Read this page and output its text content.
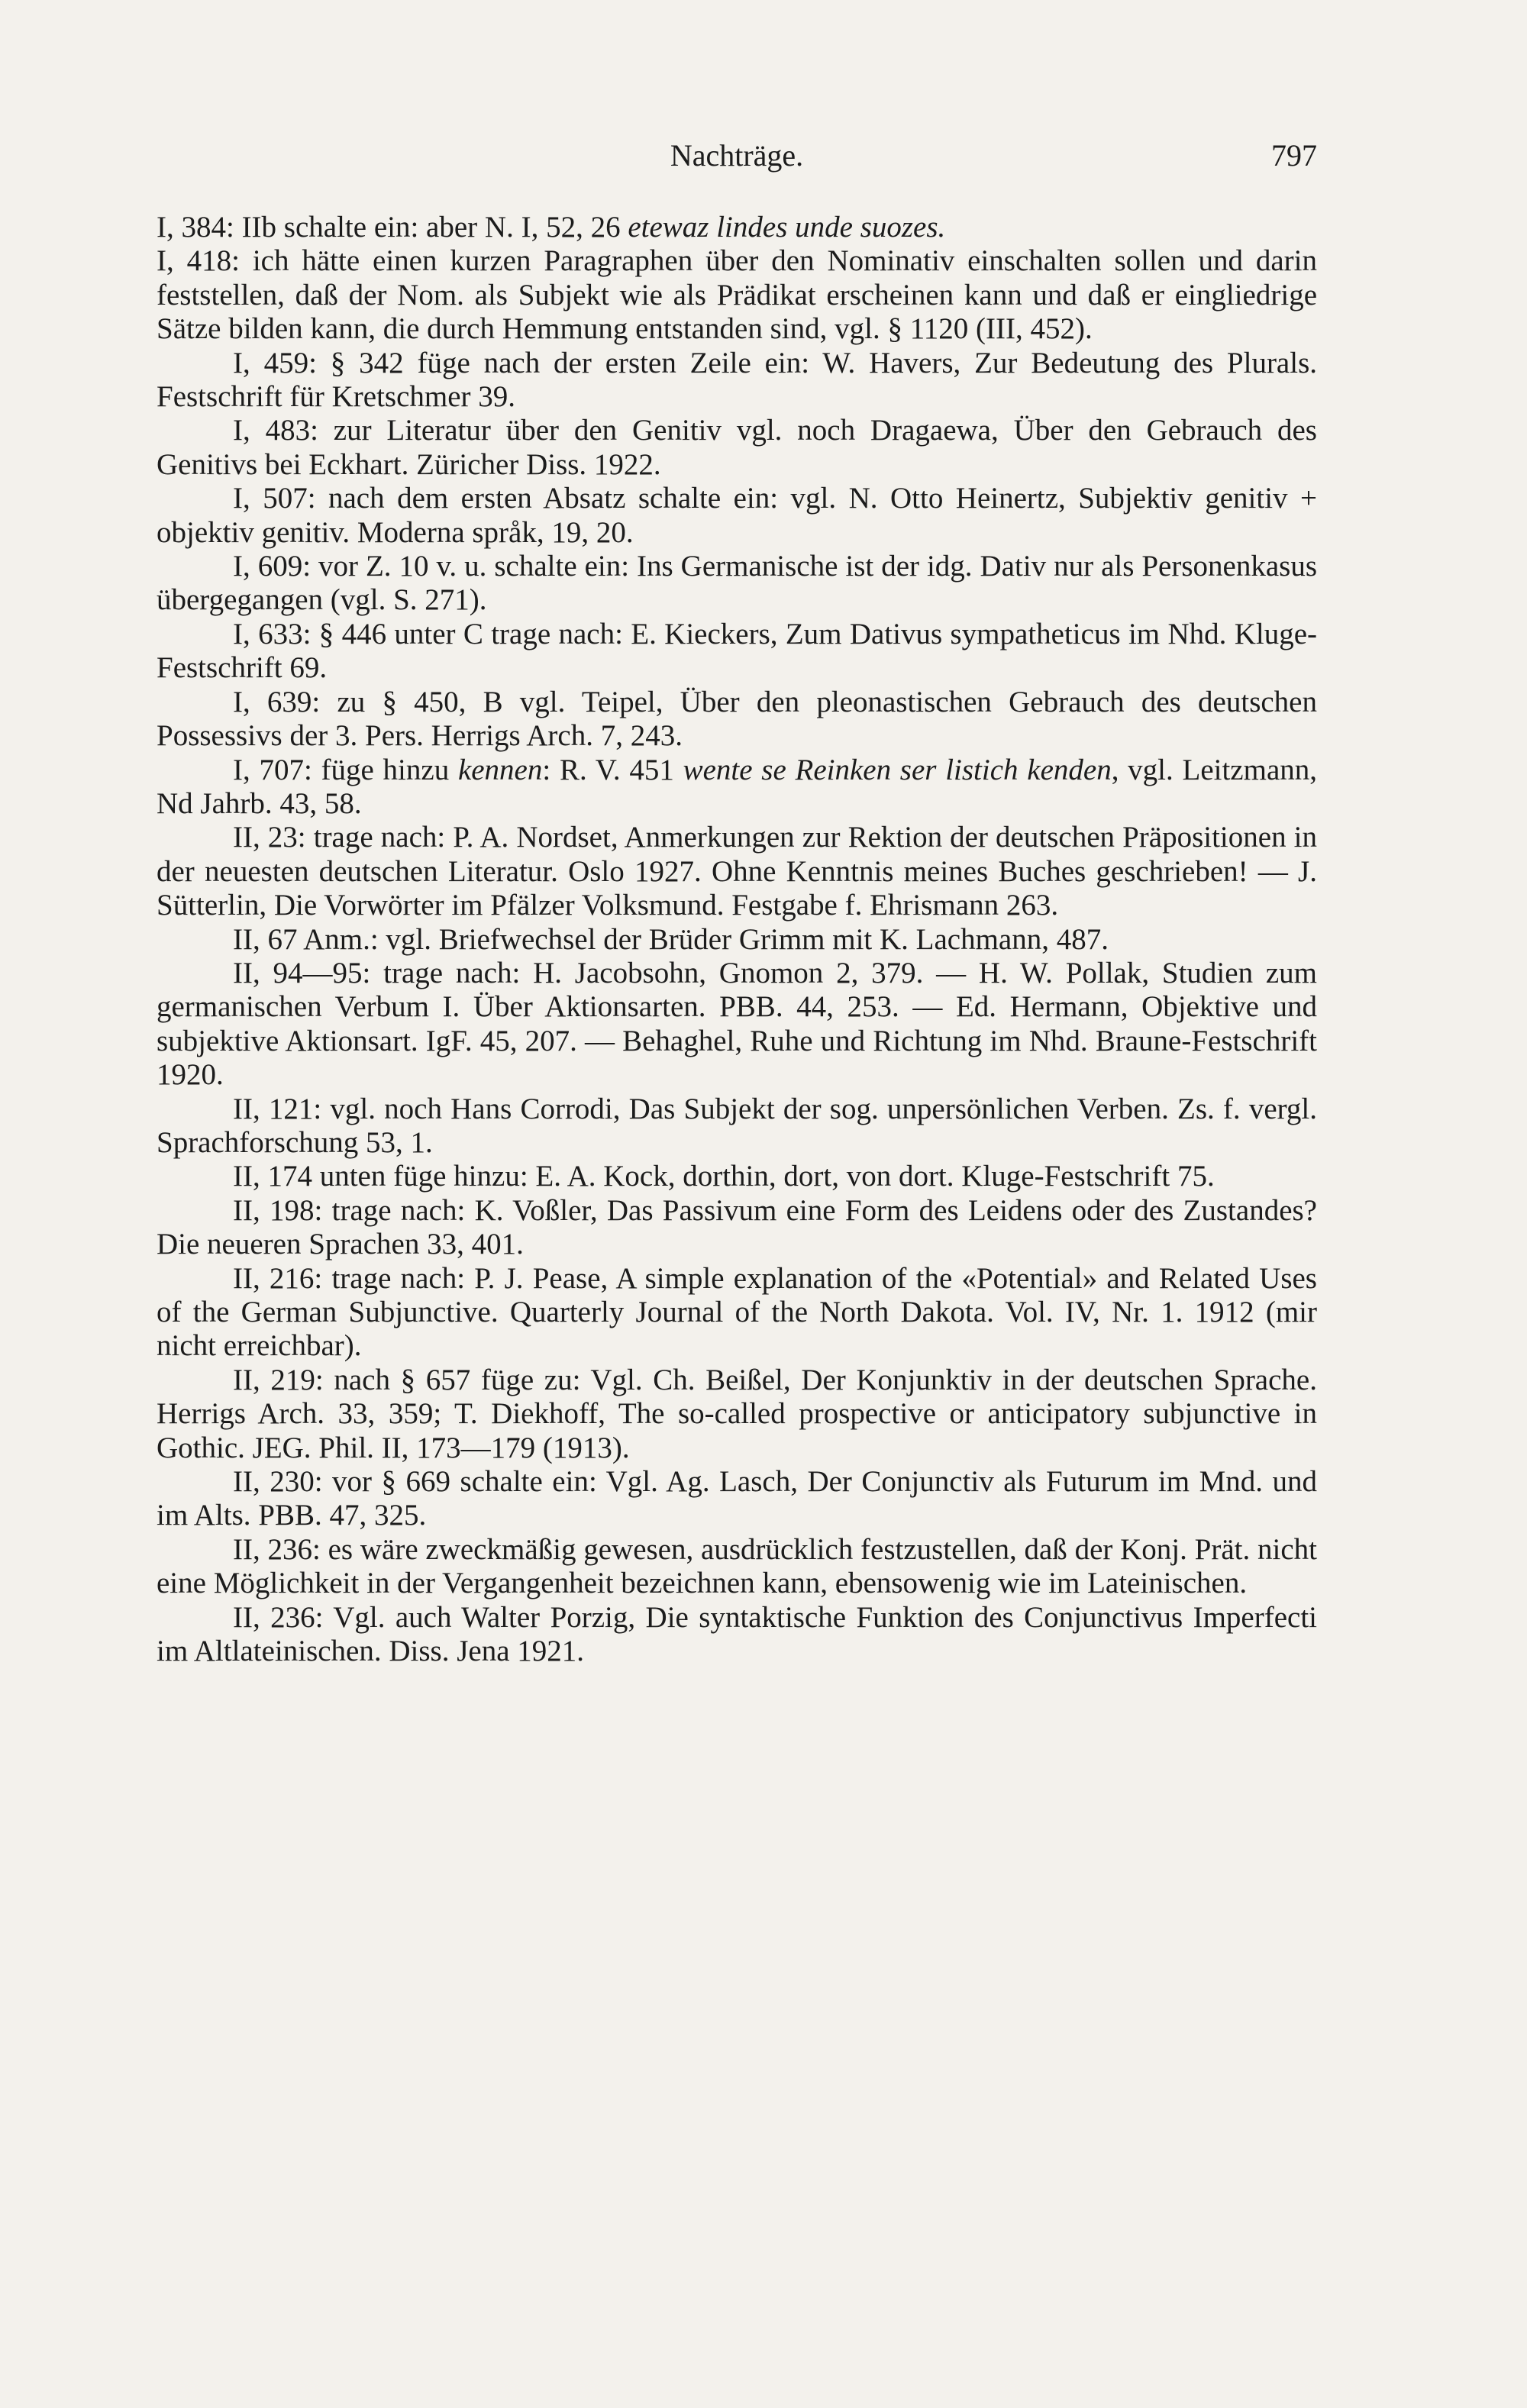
Nachträge.	797

I, 384: IIb schalte ein: aber N. I, 52, 26 etewaz lindes unde suozes.

I, 418: ich hätte einen kurzen Paragraphen über den Nominativ einschalten sollen und darin feststellen, daß der Nom. als Subjekt wie als Prädikat erscheinen kann und daß er eingliedrige Sätze bilden kann, die durch Hemmung entstanden sind, vgl. § 1120 (III, 452).

I, 459: § 342 füge nach der ersten Zeile ein: W. Havers, Zur Bedeutung des Plurals. Festschrift für Kretschmer 39.

I, 483: zur Literatur über den Genitiv vgl. noch Dragaewa, Über den Gebrauch des Genitivs bei Eckhart. Züricher Diss. 1922.

I, 507: nach dem ersten Absatz schalte ein: vgl. N. Otto Heinertz, Subjektiv genitiv + objektiv genitiv. Moderna språk, 19, 20.

I, 609: vor Z. 10 v. u. schalte ein: Ins Germanische ist der idg. Dativ nur als Personenkasus übergegangen (vgl. S. 271).

I, 633: § 446 unter C trage nach: E. Kieckers, Zum Dativus sympatheticus im Nhd. Kluge-Festschrift 69.

I, 639: zu § 450, B vgl. Teipel, Über den pleonastischen Gebrauch des deutschen Possessivs der 3. Pers. Herrigs Arch. 7, 243.

I, 707: füge hinzu kennen: R. V. 451 wente se Reinken ser listich kenden, vgl. Leitzmann, Nd Jahrb. 43, 58.

II, 23: trage nach: P. A. Nordset, Anmerkungen zur Rektion der deutschen Präpositionen in der neuesten deutschen Literatur. Oslo 1927. Ohne Kenntnis meines Buches geschrieben! — J. Sütterlin, Die Vorwörter im Pfälzer Volksmund. Festgabe f. Ehrismann 263.

II, 67 Anm.: vgl. Briefwechsel der Brüder Grimm mit K. Lachmann, 487.

II, 94—95: trage nach: H. Jacobsohn, Gnomon 2, 379. — H. W. Pollak, Studien zum germanischen Verbum I. Über Aktionsarten. PBB. 44, 253. — Ed. Hermann, Objektive und subjektive Aktionsart. IgF. 45, 207. — Behaghel, Ruhe und Richtung im Nhd. Braune-Festschrift 1920.

II, 121: vgl. noch Hans Corrodi, Das Subjekt der sog. unpersönlichen Verben. Zs. f. vergl. Sprachforschung 53, 1.

II, 174 unten füge hinzu: E. A. Kock, dorthin, dort, von dort. Kluge-Festschrift 75.

II, 198: trage nach: K. Voßler, Das Passivum eine Form des Leidens oder des Zustandes? Die neueren Sprachen 33, 401.

II, 216: trage nach: P. J. Pease, A simple explanation of the «Potential» and Related Uses of the German Subjunctive. Quarterly Journal of the North Dakota. Vol. IV, Nr. 1. 1912 (mir nicht erreichbar).

II, 219: nach § 657 füge zu: Vgl. Ch. Beißel, Der Konjunktiv in der deutschen Sprache. Herrigs Arch. 33, 359; T. Diekhoff, The so-called prospective or anticipatory subjunctive in Gothic. JEG. Phil. II, 173—179 (1913).

II, 230: vor § 669 schalte ein: Vgl. Ag. Lasch, Der Conjunctiv als Futurum im Mnd. und im Alts. PBB. 47, 325.

II, 236: es wäre zweckmäßig gewesen, ausdrücklich festzustellen, daß der Konj. Prät. nicht eine Möglichkeit in der Vergangenheit bezeichnen kann, ebensowenig wie im Lateinischen.

II, 236: Vgl. auch Walter Porzig, Die syntaktische Funktion des Conjunctivus Imperfecti im Altlateinischen. Diss. Jena 1921.
